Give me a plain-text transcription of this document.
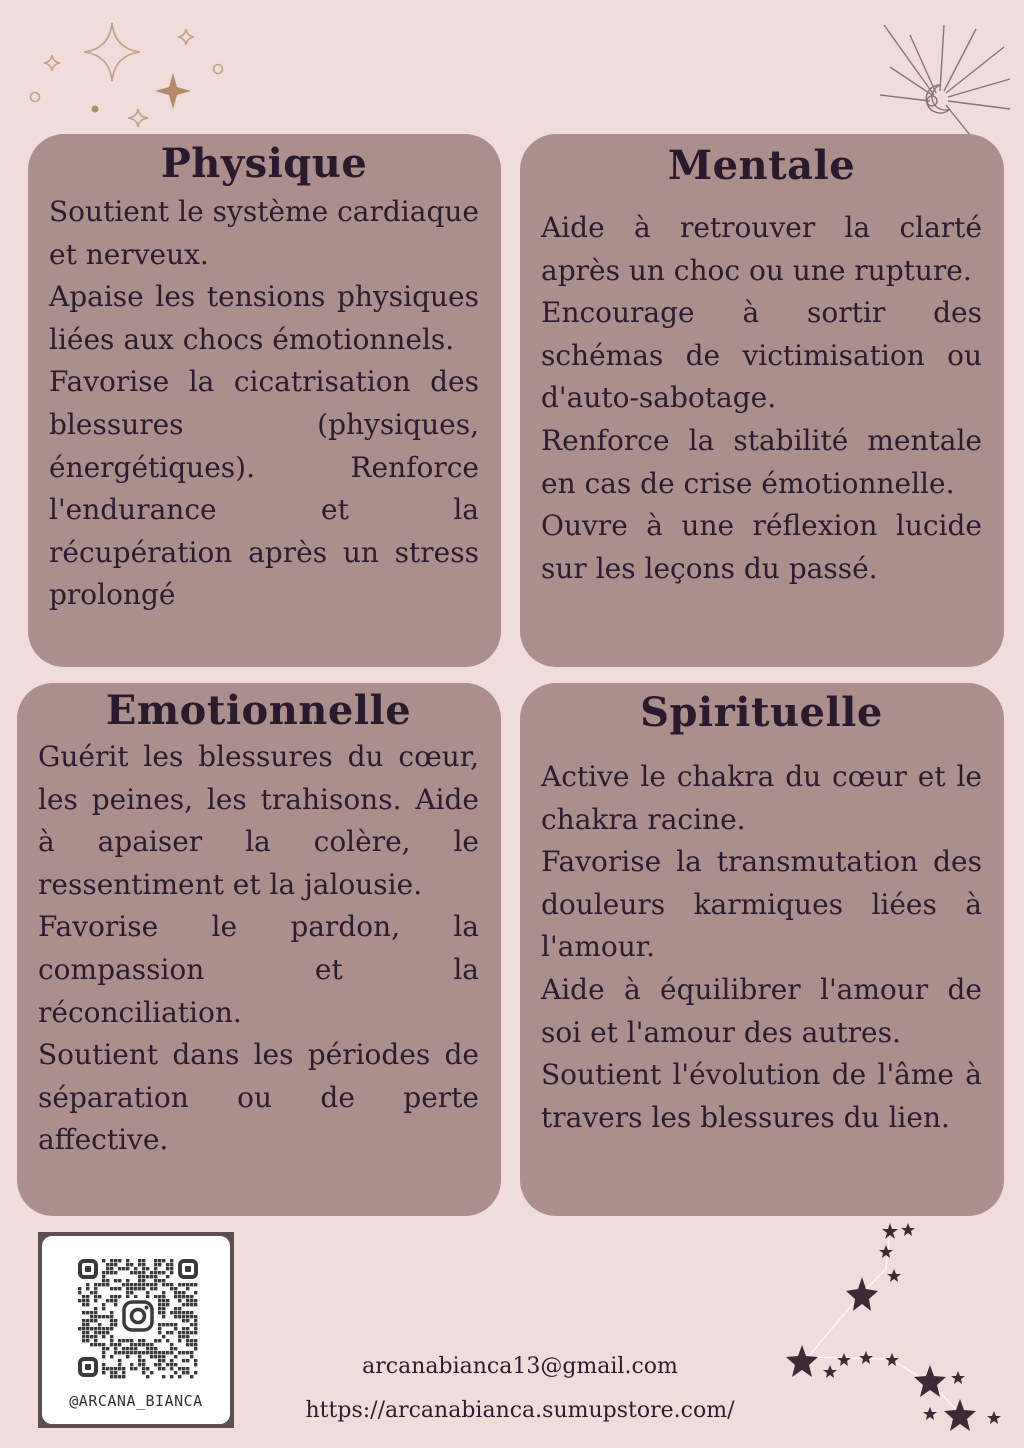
Physique

Soutient le système cardiaque et nerveux.

Apaise les tensions physiques liées aux chocs émotionnels.

Favorise la cicatrisation des blessures (physiques, énergétiques). Renforce l'endurance et la récupération après un stress prolongé

Mentale

Aide à retrouver la clarté après un choc ou une rupture.

Encourage à sortir des schémas de victimisation ou d'auto-sabotage.

Renforce la stabilité mentale en cas de crise émotionnelle.

Ouvre à une réflexion lucide sur les leçons du passé.

Emotionnelle

Guérit les blessures du cœur, les peines, les trahisons. Aide à apaiser la colère, le ressentiment et la jalousie.

Favorise le pardon, la compassion et la réconciliation.

Soutient dans les périodes de séparation ou de perte affective.

Spirituelle

Active le chakra du cœur et le chakra racine.

Favorise la transmutation des douleurs karmiques liées à l'amour.

Aide à équilibrer l'amour de soi et l'amour des autres.

Soutient l'évolution de l'âme à travers les blessures du lien.

@ARCANA_BIANCA
arcanabianca13@gmail.com
https://arcanabianca.sumupstore.com/
